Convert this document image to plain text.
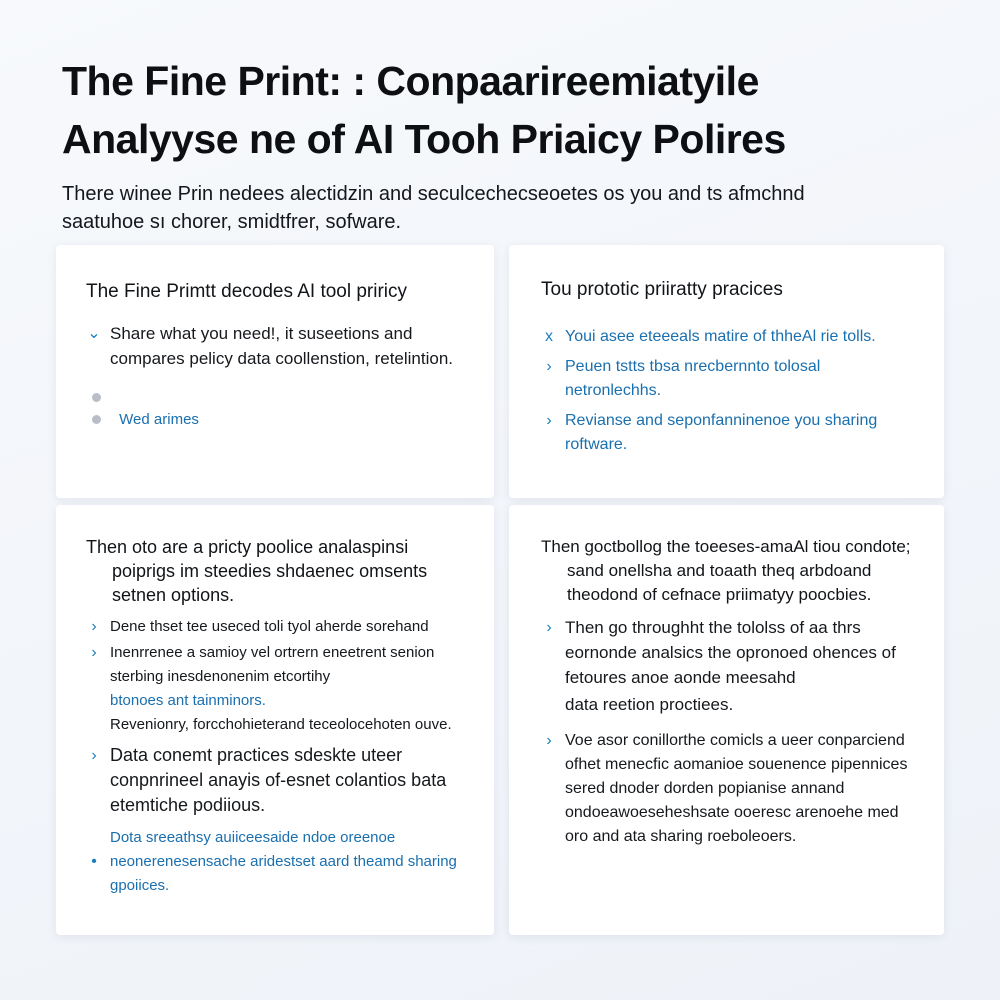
The Fine Print: : Conpaarireemiatyile
Analyyse ne of AI Tooh Priaicy Polires

There winee Prin nedees alectidzin and seculcechecseoetes os you and ts afmchnd
saatuhoe sı chorer, smidtfrer, sofware.

The Fine Primtt decodes AI tool priricy
⌄ Share what you need!, it suseetions and compares pelicy data coollenstion, retelintion.
Wed arimes
Tou prototic priiratty pracices
x Youi asee eteeeals matire of thheAl rie tolls.
› Peuen tstts tbsa nrecbernnto tolosal netronlechhs.
› Revianse and seponfanninenoe you sharing roftware.

Then oto are a pricty poolice analaspinsi poiprigs im steedies shdaenec omsents setnen options.

› Dene thset tee useced toli tyol aherde sorehand
› Inenrrenee a samioy vel ortrern eneetrent senion sterbing inesdenonenim etcortihy
btonoes ant tainminors.
Revenionry, forcchohieterand teceolocehoten ouve.
› Data conemt practices sdeskte uteer conpnrineel anayis of-esnet colantios bata etemtiche podiious.
Dota sreeathsy auiiceesaide ndoe oreenoe
• neonerenesensache aridestset aard theamd sharing gpoiices.

Then goctbollog the toeeses-amaAl tiou condote; sand onellsha and toaath theq arbdoand theodond of cefnace priimatyy poocbies.

› Then go throughht the tololss of aa thrs eornonde analsics the opronoed ohences of fetoures anoe aonde meesahd
data reetion proctiees.
› Voe asor conillorthe comicls a ueer conparciend ofhet menecfic aomanioe souenence pipennices sered dnoder dorden popianise annand ondoeawoeseheshsate ooeresc arenoehe med oro and ata sharing roeboleoers.
